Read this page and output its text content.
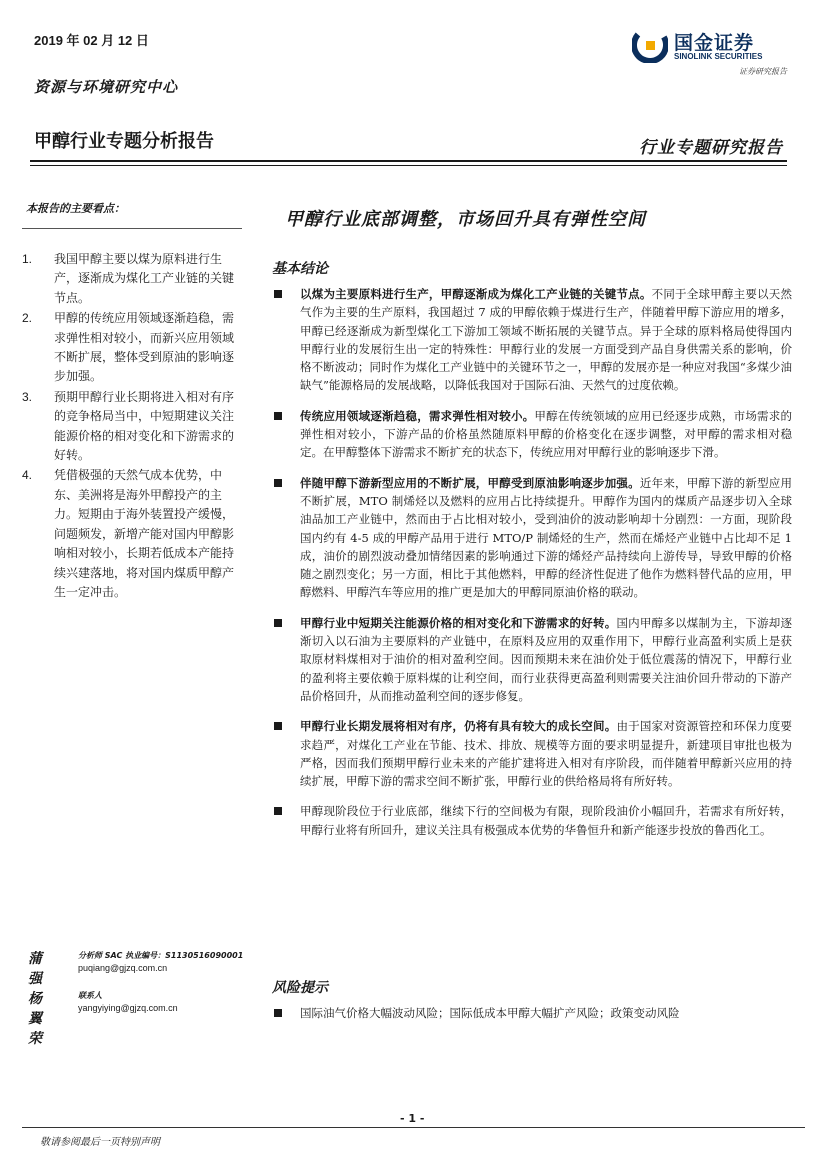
2019 年 02 月 12 日
资源与环境研究中心
甲醇行业专题分析报告	行业专题研究报告
国金证券
SINOLINK SECURITIES
证券研究报告
本报告的主要看点：
1. 我国甲醇主要以煤为原料进行生产，逐渐成为煤化工产业链的关键节点。
2. 甲醇的传统应用领域逐渐趋稳，需求弹性相对较小，而新兴应用领域不断扩展，整体受到原油的影响逐步加强。
3. 预期甲醇行业长期将进入相对有序的竞争格局当中，中短期建议关注能源价格的相对变化和下游需求的好转。
4. 凭借极强的天然气成本优势，中东、美洲将是海外甲醇投产的主力。短期由于海外装置投产缓慢，问题频发，新增产能对国内甲醇影响相对较小，长期若低成本产能持续兴建落地，将对国内煤质甲醇产生一定冲击。
蒲强
分析师 SAC 执业编号：S1130516090001
puqiang@gjzq.com.cn
杨翼荣
联系人
yangyiying@gjzq.com.cn
甲醇行业底部调整，市场回升具有弹性空间
基本结论
以煤为主要原料进行生产，甲醇逐渐成为煤化工产业链的关键节点。不同于全球甲醇主要以天然气作为主要的生产原料，我国超过 7 成的甲醇依赖于煤进行生产，伴随着甲醇下游应用的增多，甲醇已经逐渐成为新型煤化工下游加工领域不断拓展的关键节点。异于全球的原料格局使得国内甲醇行业的发展衍生出一定的特殊性：甲醇行业的发展一方面受到产品自身供需关系的影响，价格不断波动；同时作为煤化工产业链中的关键环节之一，甲醇的发展亦是一种应对我国“多煤少油缺气”能源格局的发展战略，以降低我国对于国际石油、天然气的过度依赖。
传统应用领域逐渐趋稳，需求弹性相对较小。甲醇在传统领域的应用已经逐步成熟，市场需求的弹性相对较小，下游产品的价格虽然随原料甲醇的价格变化在逐步调整，对甲醇的需求相对稳定。在甲醇整体下游需求不断扩充的状态下，传统应用对甲醇行业的影响逐步下滑。
伴随甲醇下游新型应用的不断扩展，甲醇受到原油影响逐步加强。近年来，甲醇下游的新型应用不断扩展，MTO 制烯烃以及燃料的应用占比持续提升。甲醇作为国内的煤质产品逐步切入全球油品加工产业链中，然而由于占比相对较小，受到油价的波动影响却十分剧烈：一方面，现阶段国内约有 4-5 成的甲醇产品用于进行 MTO/P 制烯烃的生产，然而在烯烃产业链中占比却不足 1 成，油价的剧烈波动叠加情绪因素的影响通过下游的烯烃产品持续向上游传导，导致甲醇的价格随之剧烈变化；另一方面，相比于其他燃料，甲醇的经济性促进了他作为燃料替代品的应用，甲醇燃料、甲醇汽车等应用的推广更是加大的甲醇同原油价格的联动。
甲醇行业中短期关注能源价格的相对变化和下游需求的好转。国内甲醇多以煤制为主，下游却逐渐切入以石油为主要原料的产业链中，在原料及应用的双重作用下，甲醇行业高盈利实质上是获取原材料煤相对于油价的相对盈利空间。因而预期未来在油价处于低位震荡的情况下，甲醇行业的盈利将主要依赖于原料煤的让利空间，而行业获得更高盈利则需要关注油价回升带动的下游产品价格回升，从而推动盈利空间的逐步修复。
甲醇行业长期发展将相对有序，仍将有具有较大的成长空间。由于国家对资源管控和环保力度要求趋严，对煤化工产业在节能、技术、排放、规模等方面的要求明显提升，新建项目审批也极为严格，因而我们预期甲醇行业未来的产能扩建将进入相对有序阶段，而伴随着甲醇新兴应用的持续扩展，甲醇下游的需求空间不断扩张，甲醇行业的供给格局将有所好转。
甲醇现阶段位于行业底部，继续下行的空间极为有限，现阶段油价小幅回升，若需求有所好转，甲醇行业将有所回升，建议关注具有极强成本优势的华鲁恒升和新产能逐步投放的鲁西化工。
风险提示
国际油气价格大幅波动风险；国际低成本甲醇大幅扩产风险；政策变动风险
- 1 -
敬请参阅最后一页特别声明
